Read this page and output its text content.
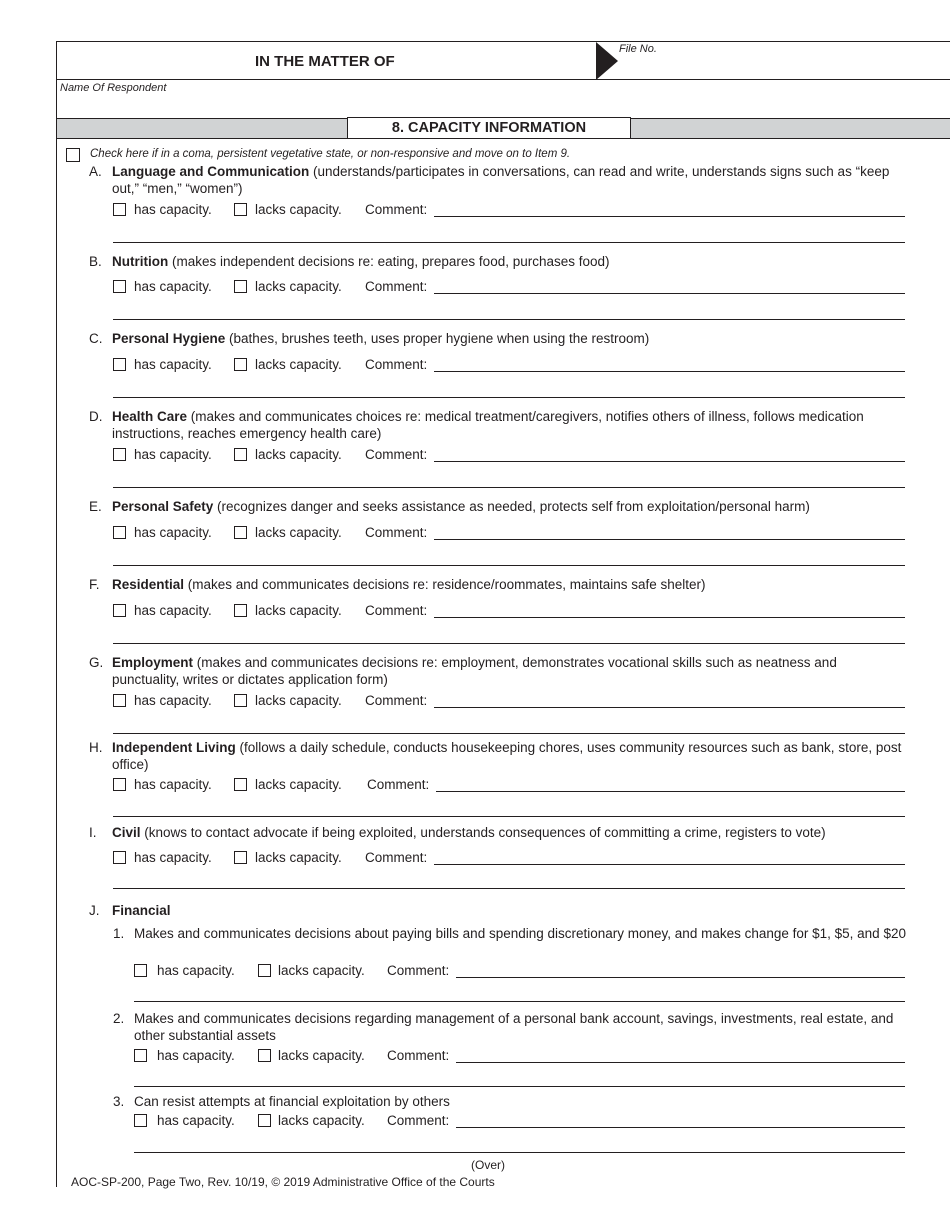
IN THE MATTER OF
File No.
Name Of Respondent
8. CAPACITY INFORMATION
Check here if in a coma, persistent vegetative state, or non-responsive and move on to Item 9.
A. Language and Communication (understands/participates in conversations, can read and write, understands signs such as “keep out,” “men,” “women”)
has capacity.	lacks capacity. Comment:
B. Nutrition (makes independent decisions re: eating, prepares food, purchases food)
has capacity.	lacks capacity. Comment:
C. Personal Hygiene (bathes, brushes teeth, uses proper hygiene when using the restroom)
has capacity.	lacks capacity. Comment:
D. Health Care (makes and communicates choices re: medical treatment/caregivers, notifies others of illness, follows medication instructions, reaches emergency health care)
has capacity.	lacks capacity. Comment:
E. Personal Safety (recognizes danger and seeks assistance as needed, protects self from exploitation/personal harm)
has capacity.	lacks capacity. Comment:
F. Residential (makes and communicates decisions re: residence/roommates, maintains safe shelter)
has capacity.	lacks capacity. Comment:
G. Employment (makes and communicates decisions re: employment, demonstrates vocational skills such as neatness and punctuality, writes or dictates application form)
has capacity.	lacks capacity. Comment:
H. Independent Living (follows a daily schedule, conducts housekeeping chores, uses community resources such as bank, store, post office)
has capacity.	lacks capacity. Comment:
I. Civil (knows to contact advocate if being exploited, understands consequences of committing a crime, registers to vote)
has capacity.	lacks capacity. Comment:
J. Financial
1. Makes and communicates decisions about paying bills and spending discretionary money, and makes change for $1, $5, and $20
has capacity.	lacks capacity. Comment:
2. Makes and communicates decisions regarding management of a personal bank account, savings, investments, real estate, and other substantial assets
has capacity.	lacks capacity. Comment:
3. Can resist attempts at financial exploitation by others
has capacity.	lacks capacity. Comment:
(Over)
AOC-SP-200, Page Two, Rev. 10/19, © 2019 Administrative Office of the Courts
